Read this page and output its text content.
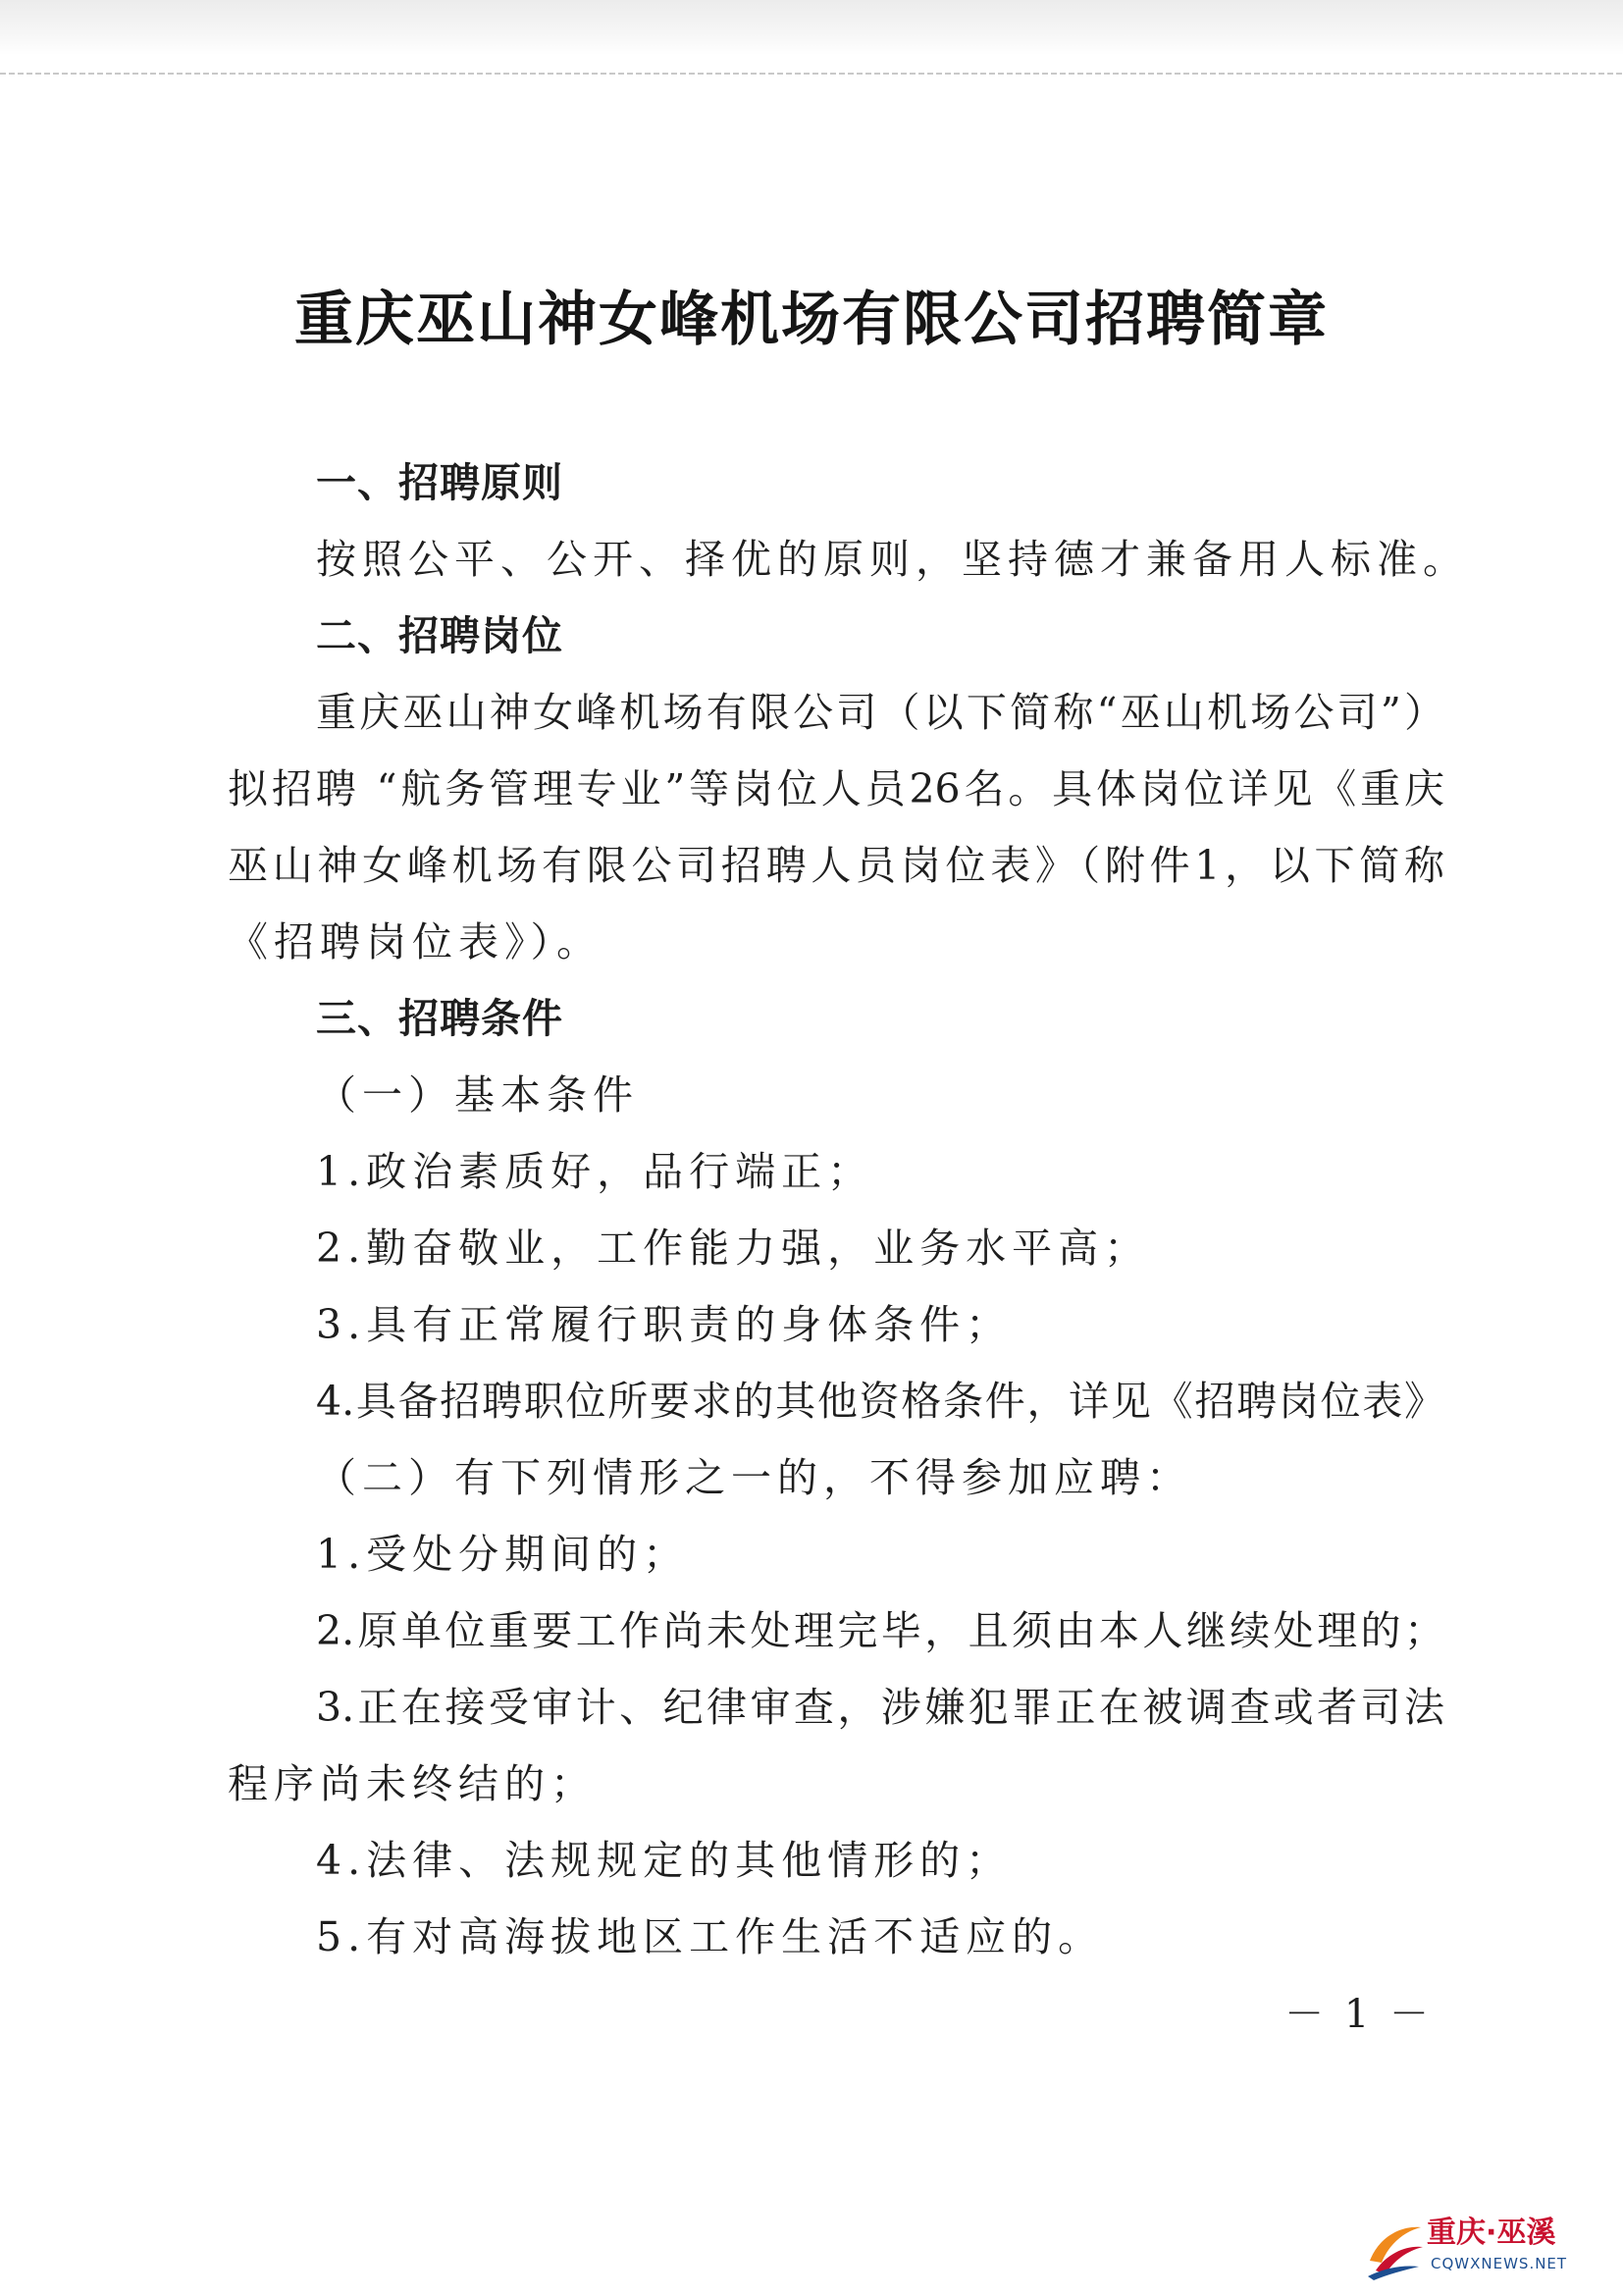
重庆巫山神女峰机场有限公司招聘简章
一、招聘原则
按照公平、公开、择优的原则，坚持德才兼备用人标准。
二、招聘岗位
重庆巫山神女峰机场有限公司（以下简称“巫山机场公司”）
拟招聘 “航务管理专业”等岗位人员26名。具体岗位详见《重庆
巫山神女峰机场有限公司招聘人员岗位表》（附件1，以下简称
《招聘岗位表》）。
三、招聘条件
（一）基本条件
1.政治素质好，品行端正；
2.勤奋敬业，工作能力强，业务水平高；
3.具有正常履行职责的身体条件；
4.具备招聘职位所要求的其他资格条件，详见《招聘岗位表》
（二）有下列情形之一的，不得参加应聘：
1.受处分期间的；
2.原单位重要工作尚未处理完毕，且须由本人继续处理的；
3.正在接受审计、纪律审查，涉嫌犯罪正在被调查或者司法
程序尚未终结的；
4.法律、法规规定的其他情形的；
5.有对高海拔地区工作生活不适应的。
－ 1 －
重庆·巫溪
CQWXNEWS.NET
